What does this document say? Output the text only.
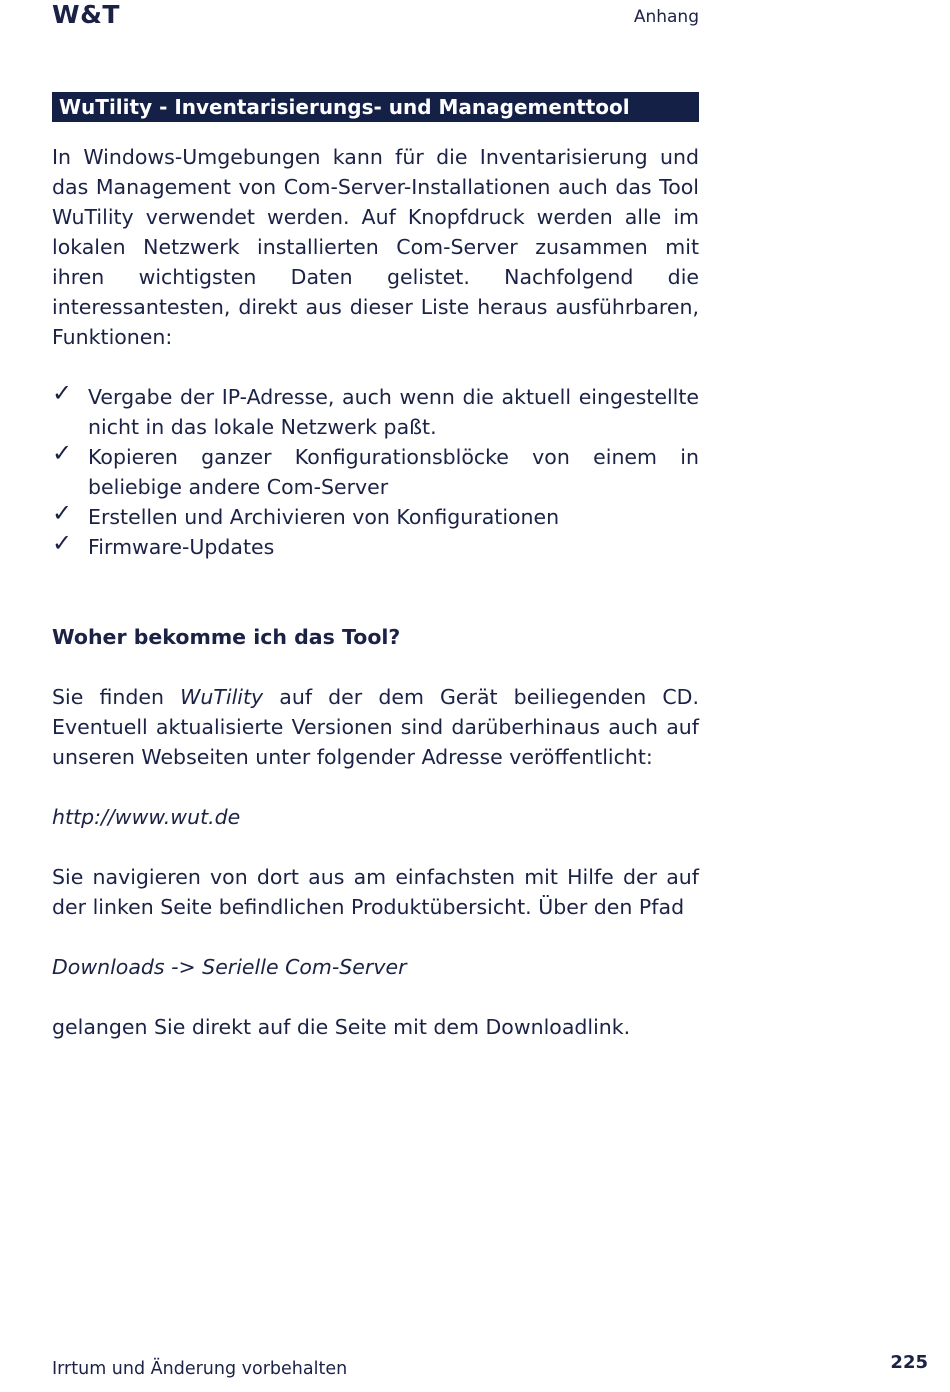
W&T	Anhang
WuTility - Inventarisierungs- und Managementtool

In Windows-Umgebungen kann für die Inventarisierung und das Management von Com-Server-Installationen auch das Tool WuTility verwendet werden. Auf Knopfdruck werden alle im lokalen Netzwerk installierten Com-Server zusammen mit ihren wichtigsten Daten gelistet. Nachfolgend die interessantesten, direkt aus dieser Liste heraus ausführbaren, Funktionen:

✓ Vergabe der IP-Adresse, auch wenn die aktuell eingestellte nicht in das lokale Netzwerk paßt.
✓ Kopieren ganzer Konfigurationsblöcke von einem in beliebige andere Com-Server
✓ Erstellen und Archivieren von Konfigurationen
✓ Firmware-Updates

Woher bekomme ich das Tool?

Sie finden WuTility auf der dem Gerät beiliegenden CD. Eventuell aktualisierte Versionen sind darüberhinaus auch auf unseren Webseiten unter folgender Adresse veröffentlicht:

http://www.wut.de

Sie navigieren von dort aus am einfachsten mit Hilfe der auf der linken Seite befindlichen Produktübersicht. Über den Pfad

Downloads -> Serielle Com-Server

gelangen Sie direkt auf die Seite mit dem Downloadlink.

Irrtum und Änderung vorbehalten	225
